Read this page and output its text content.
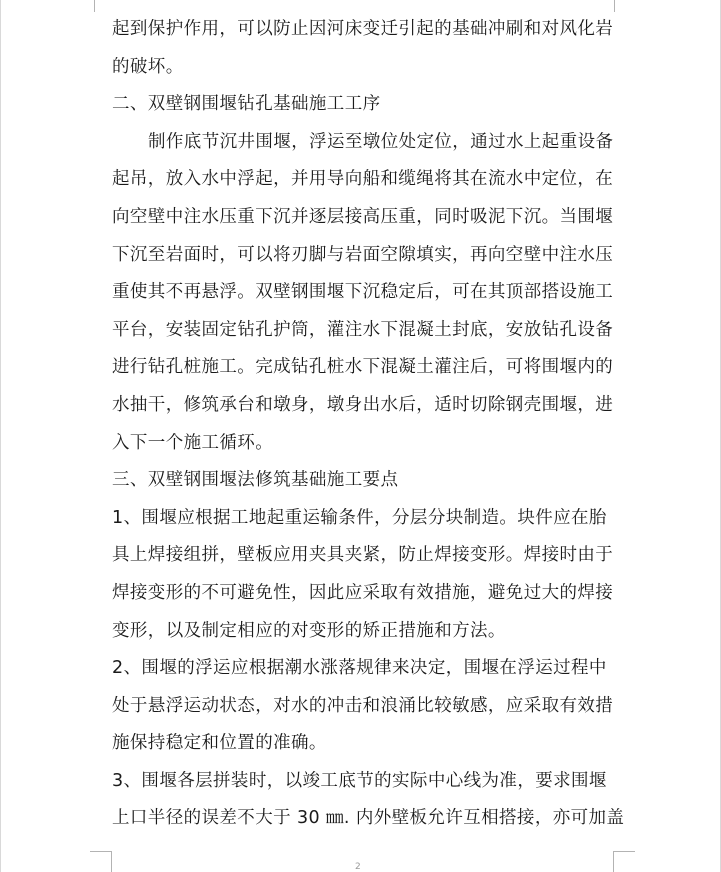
起到保护作用，可以防止因河床变迁引起的基础冲刷和对风化岩
的破坏。
二、双壁钢围堰钻孔基础施工工序
制作底节沉井围堰，浮运至墩位处定位，通过水上起重设备
起吊，放入水中浮起，并用导向船和缆绳将其在流水中定位，在
向空壁中注水压重下沉并逐层接高压重，同时吸泥下沉。当围堰
下沉至岩面时，可以将刃脚与岩面空隙填实，再向空壁中注水压
重使其不再悬浮。双壁钢围堰下沉稳定后，可在其顶部搭设施工
平台，安装固定钻孔护筒，灌注水下混凝土封底，安放钻孔设备
进行钻孔桩施工。完成钻孔桩水下混凝土灌注后，可将围堰内的
水抽干，修筑承台和墩身，墩身出水后，适时切除钢壳围堰，进
入下一个施工循环。
三、双壁钢围堰法修筑基础施工要点
1、围堰应根据工地起重运输条件，分层分块制造。块件应在胎
具上焊接组拼，壁板应用夹具夹紧，防止焊接变形。焊接时由于
焊接变形的不可避免性，因此应采取有效措施，避免过大的焊接
变形，以及制定相应的对变形的矫正措施和方法。
2、围堰的浮运应根据潮水涨落规律来决定，围堰在浮运过程中
处于悬浮运动状态，对水的冲击和浪涌比较敏感，应采取有效措
施保持稳定和位置的准确。
3、围堰各层拼装时，以竣工底节的实际中心线为准，要求围堰
上口半径的误差不大于 30 ㎜. 内外壁板允许互相搭接，亦可加盖
2
